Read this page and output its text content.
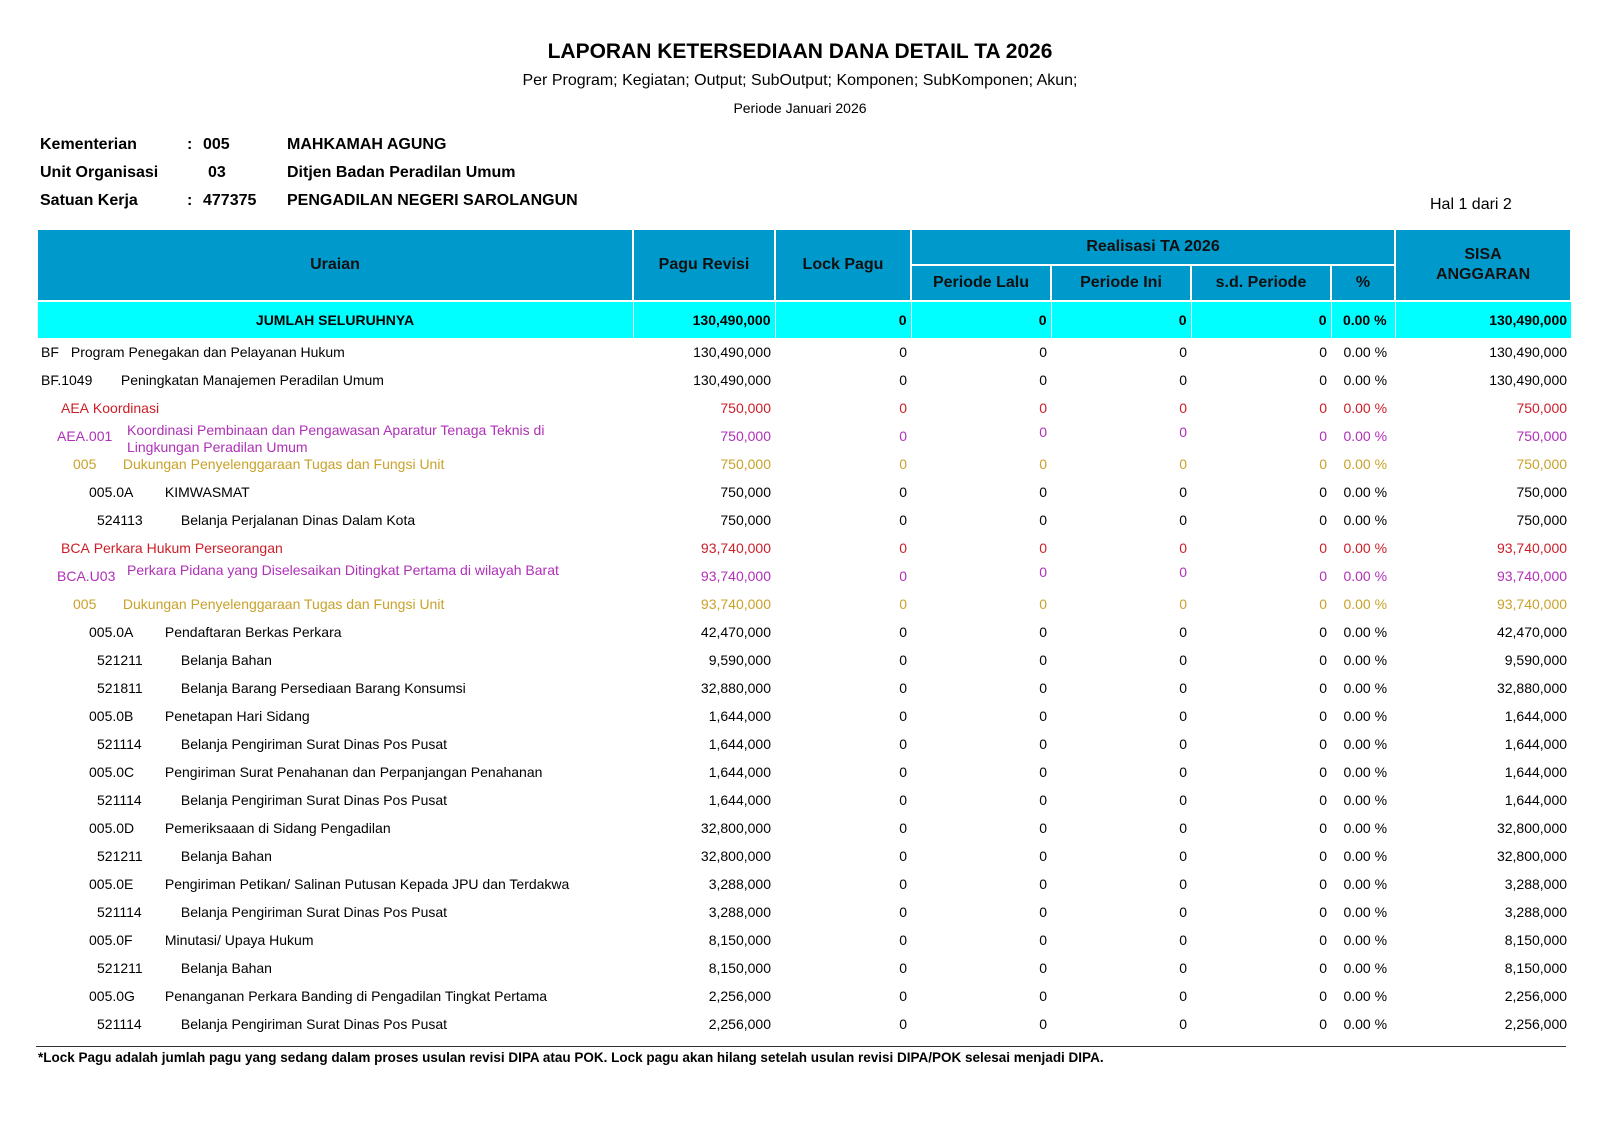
LAPORAN KETERSEDIAAN DANA DETAIL TA 2026
Per Program; Kegiatan; Output; SubOutput; Komponen; SubKomponen; Akun;
Periode Januari 2026
Kementerian	: 005	MAHKAMAH AGUNG
Unit Organisasi	03	Ditjen Badan Peradilan Umum
Satuan Kerja	: 477375 PENGADILAN NEGERI SAROLANGUN	Hal 1 dari 2
Uraian	Pagu Revisi	Lock Pagu	Realisasi TA 2026				SISA ANGGARAN
			Periode Lalu	Periode Ini	s.d. Periode	%	
JUMLAH SELURUHNYA	130,490,000	0	0	0	0	0.00 %	130,490,000
BF Program Penegakan dan Pelayanan Hukum	130,490,000	0	0	0	0	0.00 %	130,490,000
BF.1049 Peningkatan Manajemen Peradilan Umum	130,490,000	0	0	0	0	0.00 %	130,490,000
AEA Koordinasi	750,000	0	0	0	0	0.00 %	750,000

AEA.001 Koordinasi Pembinaan dan Pengawasan Aparatur Tenaga Teknis di Lingkungan Peradilan Umum	750,000	0	0	0	0	0.00 %	750,000
005 Dukungan Penyelenggaraan Tugas dan Fungsi Unit	750,000	0	0	0	0	0.00 %	750,000
005.0A KIMWASMAT	750,000	0	0	0	0	0.00 %	750,000
524113 Belanja Perjalanan Dinas Dalam Kota	750,000	0	0	0	0	0.00 %	750,000
BCA Perkara Hukum Perseorangan	93,740,000	0	0	0	0	0.00 %	93,740,000

BCA.U03 Perkara Pidana yang Diselesaikan Ditingkat Pertama di wilayah Barat	93,740,000	0	0	0	0	0.00 %	93,740,000
005 Dukungan Penyelenggaraan Tugas dan Fungsi Unit	93,740,000	0	0	0	0	0.00 %	93,740,000
005.0A Pendaftaran Berkas Perkara	42,470,000	0	0	0	0	0.00 %	42,470,000
521211 Belanja Bahan	9,590,000	0	0	0	0	0.00 %	9,590,000
521811 Belanja Barang Persediaan Barang Konsumsi	32,880,000	0	0	0	0	0.00 %	32,880,000
005.0B Penetapan Hari Sidang	1,644,000	0	0	0	0	0.00 %	1,644,000
521114 Belanja Pengiriman Surat Dinas Pos Pusat	1,644,000	0	0	0	0	0.00 %	1,644,000
005.0C Pengiriman Surat Penahanan dan Perpanjangan Penahanan	1,644,000	0	0	0	0	0.00 %	1,644,000
521114 Belanja Pengiriman Surat Dinas Pos Pusat	1,644,000	0	0	0	0	0.00 %	1,644,000
005.0D Pemeriksaaan di Sidang Pengadilan	32,800,000	0	0	0	0	0.00 %	32,800,000
521211 Belanja Bahan	32,800,000	0	0	0	0	0.00 %	32,800,000
005.0E Pengiriman Petikan/ Salinan Putusan Kepada JPU dan Terdakwa	3,288,000	0	0	0	0	0.00 %	3,288,000
521114 Belanja Pengiriman Surat Dinas Pos Pusat	3,288,000	0	0	0	0	0.00 %	3,288,000
005.0F Minutasi/ Upaya Hukum	8,150,000	0	0	0	0	0.00 %	8,150,000
521211 Belanja Bahan	8,150,000	0	0	0	0	0.00 %	8,150,000
005.0G Penanganan Perkara Banding di Pengadilan Tingkat Pertama	2,256,000	0	0	0	0	0.00 %	2,256,000
521114 Belanja Pengiriman Surat Dinas Pos Pusat	2,256,000	0	0	0	0	0.00 %	2,256,000
*Lock Pagu adalah jumlah pagu yang sedang dalam proses usulan revisi DIPA atau POK. Lock pagu akan hilang setelah usulan revisi DIPA/POK selesai menjadi DIPA.
